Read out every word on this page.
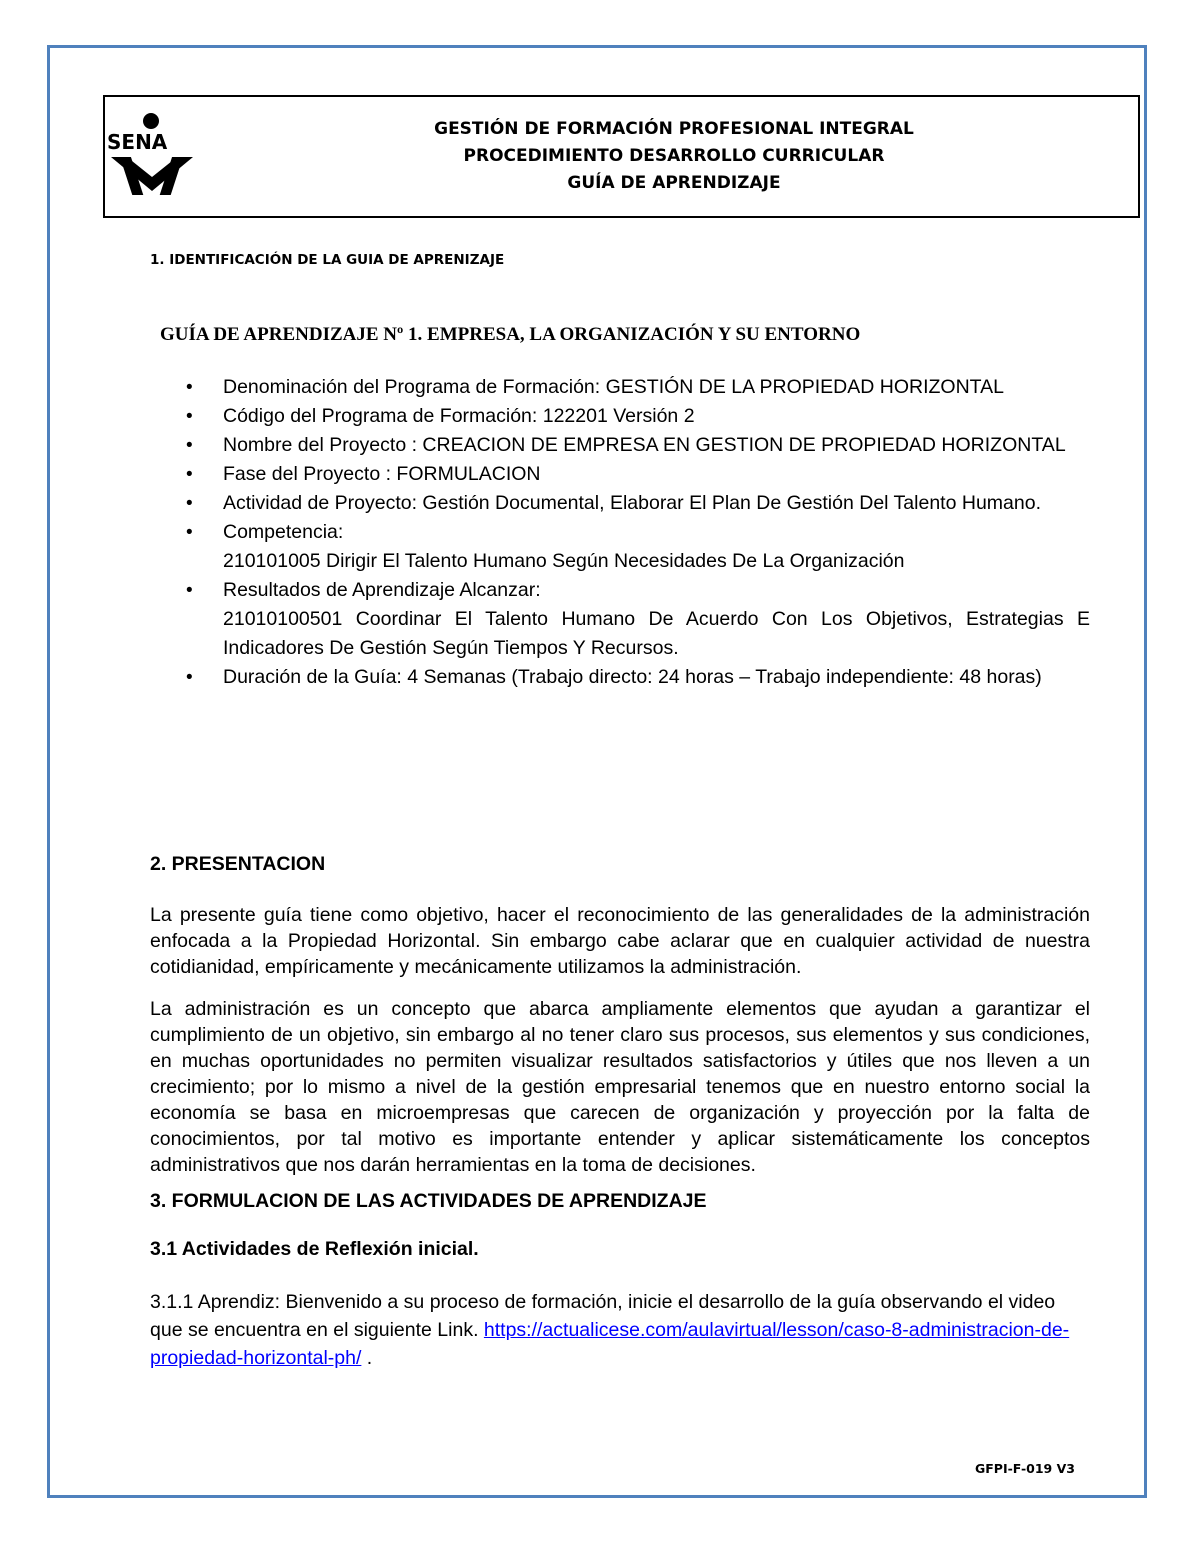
SENA
GESTIÓN DE FORMACIÓN PROFESIONAL INTEGRAL
PROCEDIMIENTO DESARROLLO CURRICULAR
GUÍA DE APRENDIZAJE
1. IDENTIFICACIÓN DE LA GUIA DE APRENIZAJE
GUÍA DE APRENDIZAJE Nº 1. EMPRESA, LA ORGANIZACIÓN Y SU ENTORNO
• Denominación del Programa de Formación: GESTIÓN DE LA PROPIEDAD HORIZONTAL
• Código del Programa de Formación: 122201 Versión 2
• Nombre del Proyecto : CREACION DE EMPRESA EN GESTION DE PROPIEDAD HORIZONTAL
• Fase del Proyecto : FORMULACION
• Actividad de Proyecto: Gestión Documental, Elaborar El Plan De Gestión Del Talento Humano.
• Competencia:
210101005 Dirigir El Talento Humano Según Necesidades De La Organización
• Resultados de Aprendizaje Alcanzar:
21010100501 Coordinar El Talento Humano De Acuerdo Con Los Objetivos, Estrategias E Indicadores De Gestión Según Tiempos Y Recursos.
• Duración de la Guía: 4 Semanas (Trabajo directo: 24 horas – Trabajo independiente: 48 horas)
2. PRESENTACION

La presente guía tiene como objetivo, hacer el reconocimiento de las generalidades de la administración enfocada a la Propiedad Horizontal. Sin embargo cabe aclarar que en cualquier actividad de nuestra cotidianidad, empíricamente y mecánicamente utilizamos la administración.

La administración es un concepto que abarca ampliamente elementos que ayudan a garantizar el cumplimiento de un objetivo, sin embargo al no tener claro sus procesos, sus elementos y sus condiciones, en muchas oportunidades no permiten visualizar resultados satisfactorios y útiles que nos lleven a un crecimiento; por lo mismo a nivel de la gestión empresarial tenemos que en nuestro entorno social la economía se basa en microempresas que carecen de organización y proyección por la falta de conocimientos, por tal motivo es importante entender y aplicar sistemáticamente los conceptos administrativos que nos darán herramientas en la toma de decisiones.

3. FORMULACION DE LAS ACTIVIDADES DE APRENDIZAJE
3.1 Actividades de Reflexión inicial.
3.1.1 Aprendiz: Bienvenido a su proceso de formación, inicie el desarrollo de la guía observando el video que se encuentra en el siguiente Link. https://actualicese.com/aulavirtual/lesson/caso-8-administracion-de-propiedad-horizontal-ph/ .
GFPI-F-019 V3
